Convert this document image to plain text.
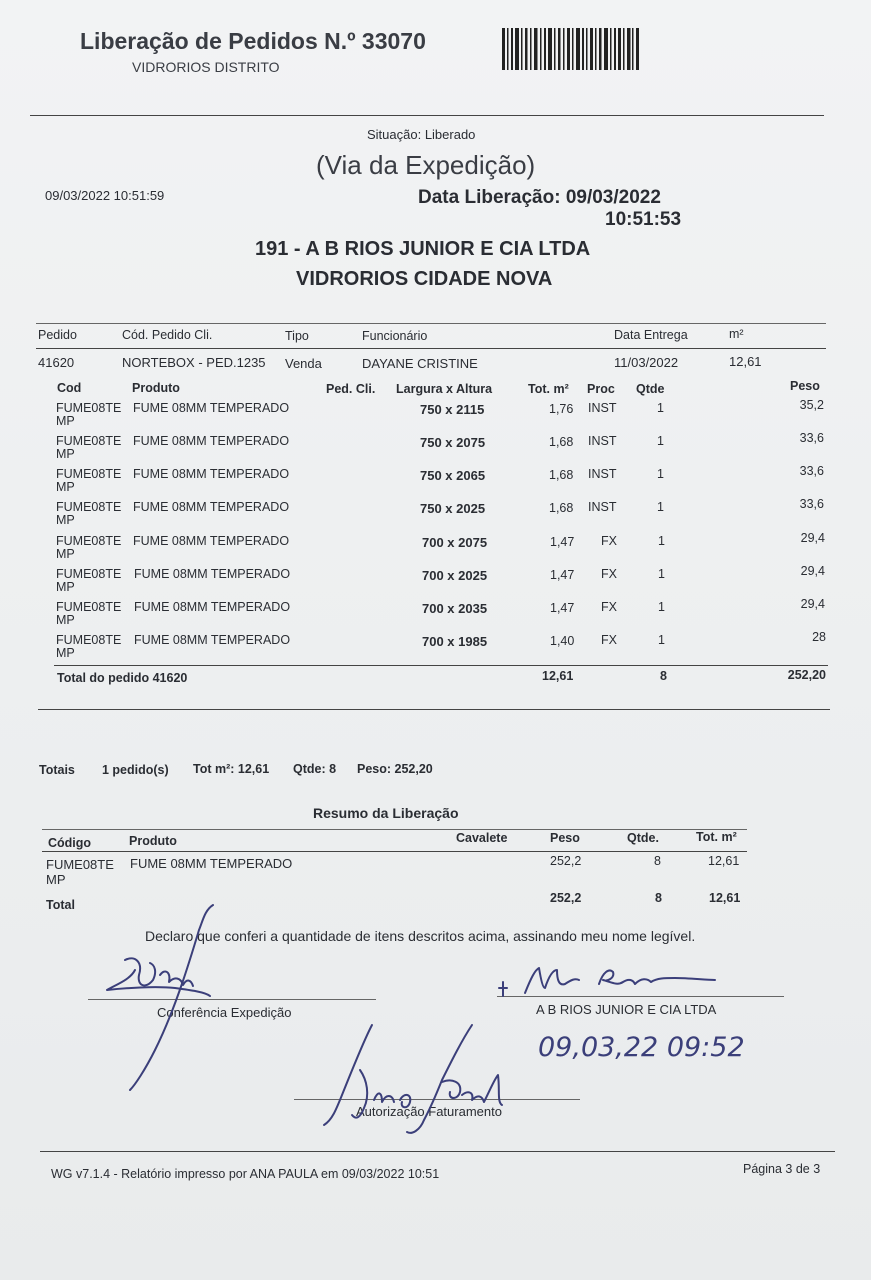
Liberação de Pedidos N.º 33070
VIDRORIOS DISTRITO
Situação: Liberado
(Via da Expedição)
09/03/2022 10:51:59	Data Liberação: 09/03/2022
10:51:53
191 - A B RIOS JUNIOR E CIA LTDA
VIDRORIOS CIDADE NOVA
Pedido	Cód. Pedido Cli.	Tipo	Funcionário	Data Entrega	m²
41620	NORTEBOX - PED.1235 Venda	DAYANE CRISTINE	11/03/2022	12,61
Cod	Produto	Ped. Cli. Largura x Altura	Tot. m² Proc Qtde	Peso
FUME08TE
MP
FUME 08MM TEMPERADO	750 x 2115	1,76 INST	1	35,2
FUME08TE
MP
FUME 08MM TEMPERADO	750 x 2075	1,68 INST	1	33,6
FUME08TE
MP
FUME 08MM TEMPERADO	750 x 2065	1,68 INST	1	33,6
FUME08TE
MP
FUME 08MM TEMPERADO	750 x 2025	1,68 INST	1	33,6
FUME08TE
MP
FUME 08MM TEMPERADO	700 x 2075	1,47 FX	1	29,4
FUME08TE
MP
FUME 08MM TEMPERADO	700 x 2025	1,47 FX	1	29,4
FUME08TE
MP
FUME 08MM TEMPERADO	700 x 2035	1,47 FX	1	29,4
FUME08TE
MP
FUME 08MM TEMPERADO	700 x 1985	1,40 FX	1	28
Total do pedido 41620	12,61	8	252,20
Totais 1 pedido(s) Tot m²: 12,61 Qtde: 8 Peso: 252,20
Resumo da Liberação
Código	Produto	Cavalete	Peso	Qtde.	Tot. m²
FUME08TE
MP
FUME 08MM TEMPERADO	252,2	8	12,61
Total	252,2	8	12,61
Declaro que conferi a quantidade de itens descritos acima, assinando meu nome legível.
Conferência Expedição	A B RIOS JUNIOR E CIA LTDA
Autorização Faturamento
09,03,22 09:52
WG v7.1.4 - Relatório impresso por ANA PAULA em 09/03/2022 10:51	Página 3 de 3
